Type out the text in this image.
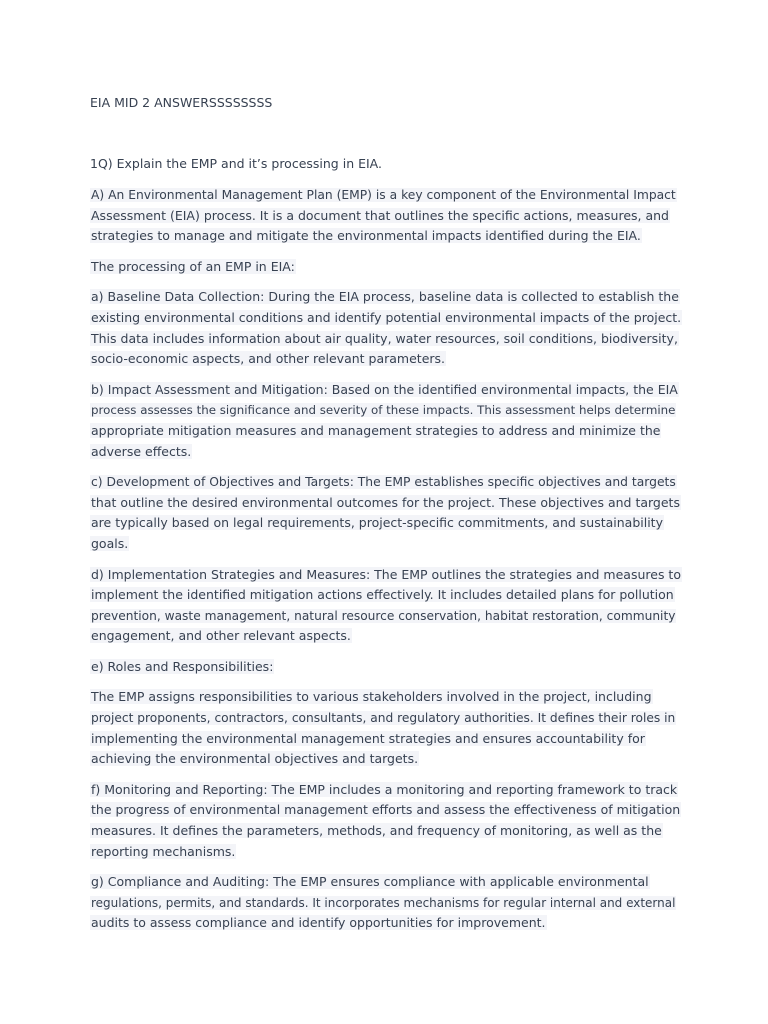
EIA MID 2 ANSWERSSSSSSSS
1Q) Explain the EMP and it’s processing in EIA.

A) An Environmental Management Plan (EMP) is a key component of the Environmental Impact
Assessment (EIA) process. It is a document that outlines the specific actions, measures, and
strategies to manage and mitigate the environmental impacts identified during the EIA.

The processing of an EMP in EIA:

a) Baseline Data Collection: During the EIA process, baseline data is collected to establish the
existing environmental conditions and identify potential environmental impacts of the project.
This data includes information about air quality, water resources, soil conditions, biodiversity,
socio-economic aspects, and other relevant parameters.

b) Impact Assessment and Mitigation: Based on the identified environmental impacts, the EIA
process assesses the significance and severity of these impacts. This assessment helps determine
appropriate mitigation measures and management strategies to address and minimize the
adverse effects.

c) Development of Objectives and Targets: The EMP establishes specific objectives and targets
that outline the desired environmental outcomes for the project. These objectives and targets
are typically based on legal requirements, project-specific commitments, and sustainability
goals.

d) Implementation Strategies and Measures: The EMP outlines the strategies and measures to
implement the identified mitigation actions effectively. It includes detailed plans for pollution
prevention, waste management, natural resource conservation, habitat restoration, community
engagement, and other relevant aspects.

e) Roles and Responsibilities:

The EMP assigns responsibilities to various stakeholders involved in the project, including
project proponents, contractors, consultants, and regulatory authorities. It defines their roles in
implementing the environmental management strategies and ensures accountability for
achieving the environmental objectives and targets.

f) Monitoring and Reporting: The EMP includes a monitoring and reporting framework to track
the progress of environmental management efforts and assess the effectiveness of mitigation
measures. It defines the parameters, methods, and frequency of monitoring, as well as the
reporting mechanisms.

g) Compliance and Auditing: The EMP ensures compliance with applicable environmental
regulations, permits, and standards. It incorporates mechanisms for regular internal and external
audits to assess compliance and identify opportunities for improvement.
